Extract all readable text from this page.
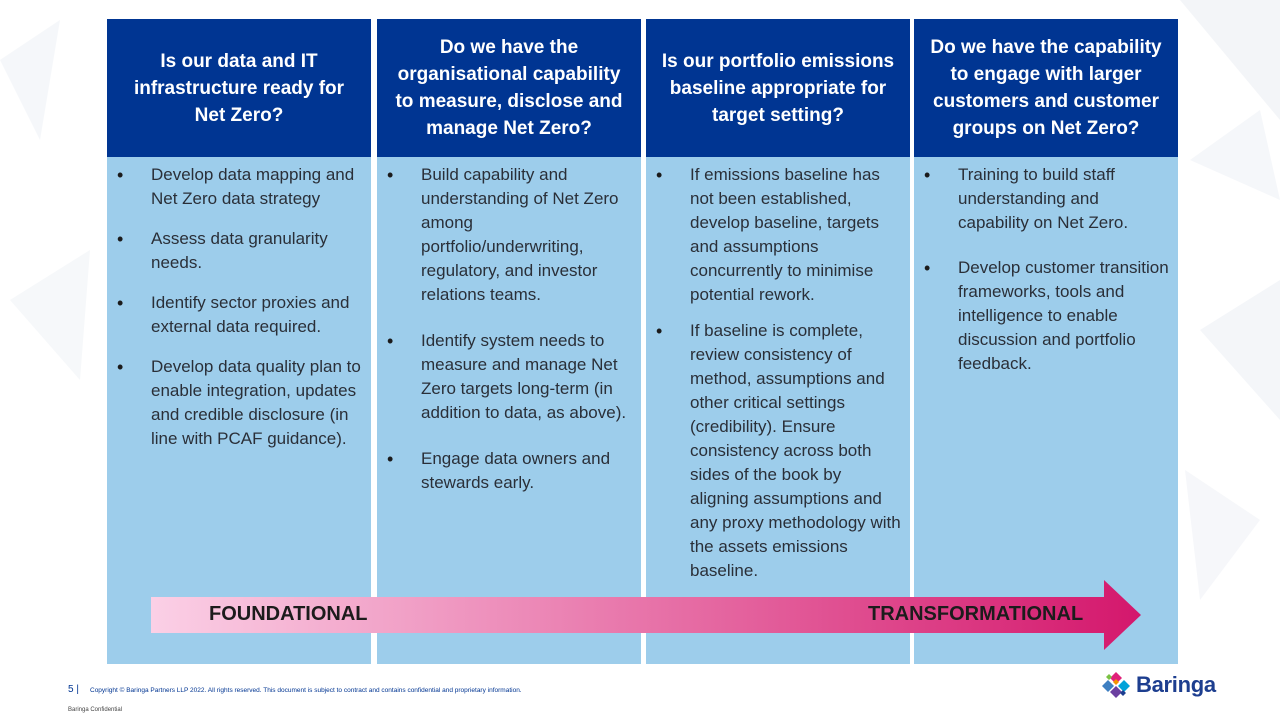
Is our data and IT infrastructure ready for Net Zero?
• Develop data mapping and Net Zero data strategy
• Assess data granularity needs.
• Identify sector proxies and external data required.
• Develop data quality plan to enable integration, updates and credible disclosure (in line with PCAF guidance).
Do we have the organisational capability to measure, disclose and manage Net Zero?
• Build capability and understanding of Net Zero among portfolio/underwriting, regulatory, and investor relations teams.
• Identify system needs to measure and manage Net Zero targets long-term (in addition to data, as above).
• Engage data owners and stewards early.
Is our portfolio emissions baseline appropriate for target setting?
• If emissions baseline has not been established, develop baseline, targets and assumptions concurrently to minimise potential rework.
• If baseline is complete, review consistency of method, assumptions and other critical settings (credibility). Ensure consistency across both sides of the book by aligning assumptions and any proxy methodology with the assets emissions baseline.
Do we have the capability to engage with larger customers and customer groups on Net Zero?
• Training to build staff understanding and capability on Net Zero.
• Develop customer transition frameworks, tools and intelligence to enable discussion and portfolio feedback.
FOUNDATIONAL	TRANSFORMATIONAL
5 | Copyright © Baringa Partners LLP 2022. All rights reserved. This document is subject to contract and contains confidential and proprietary information.
Baringa Confidential
Baringa
